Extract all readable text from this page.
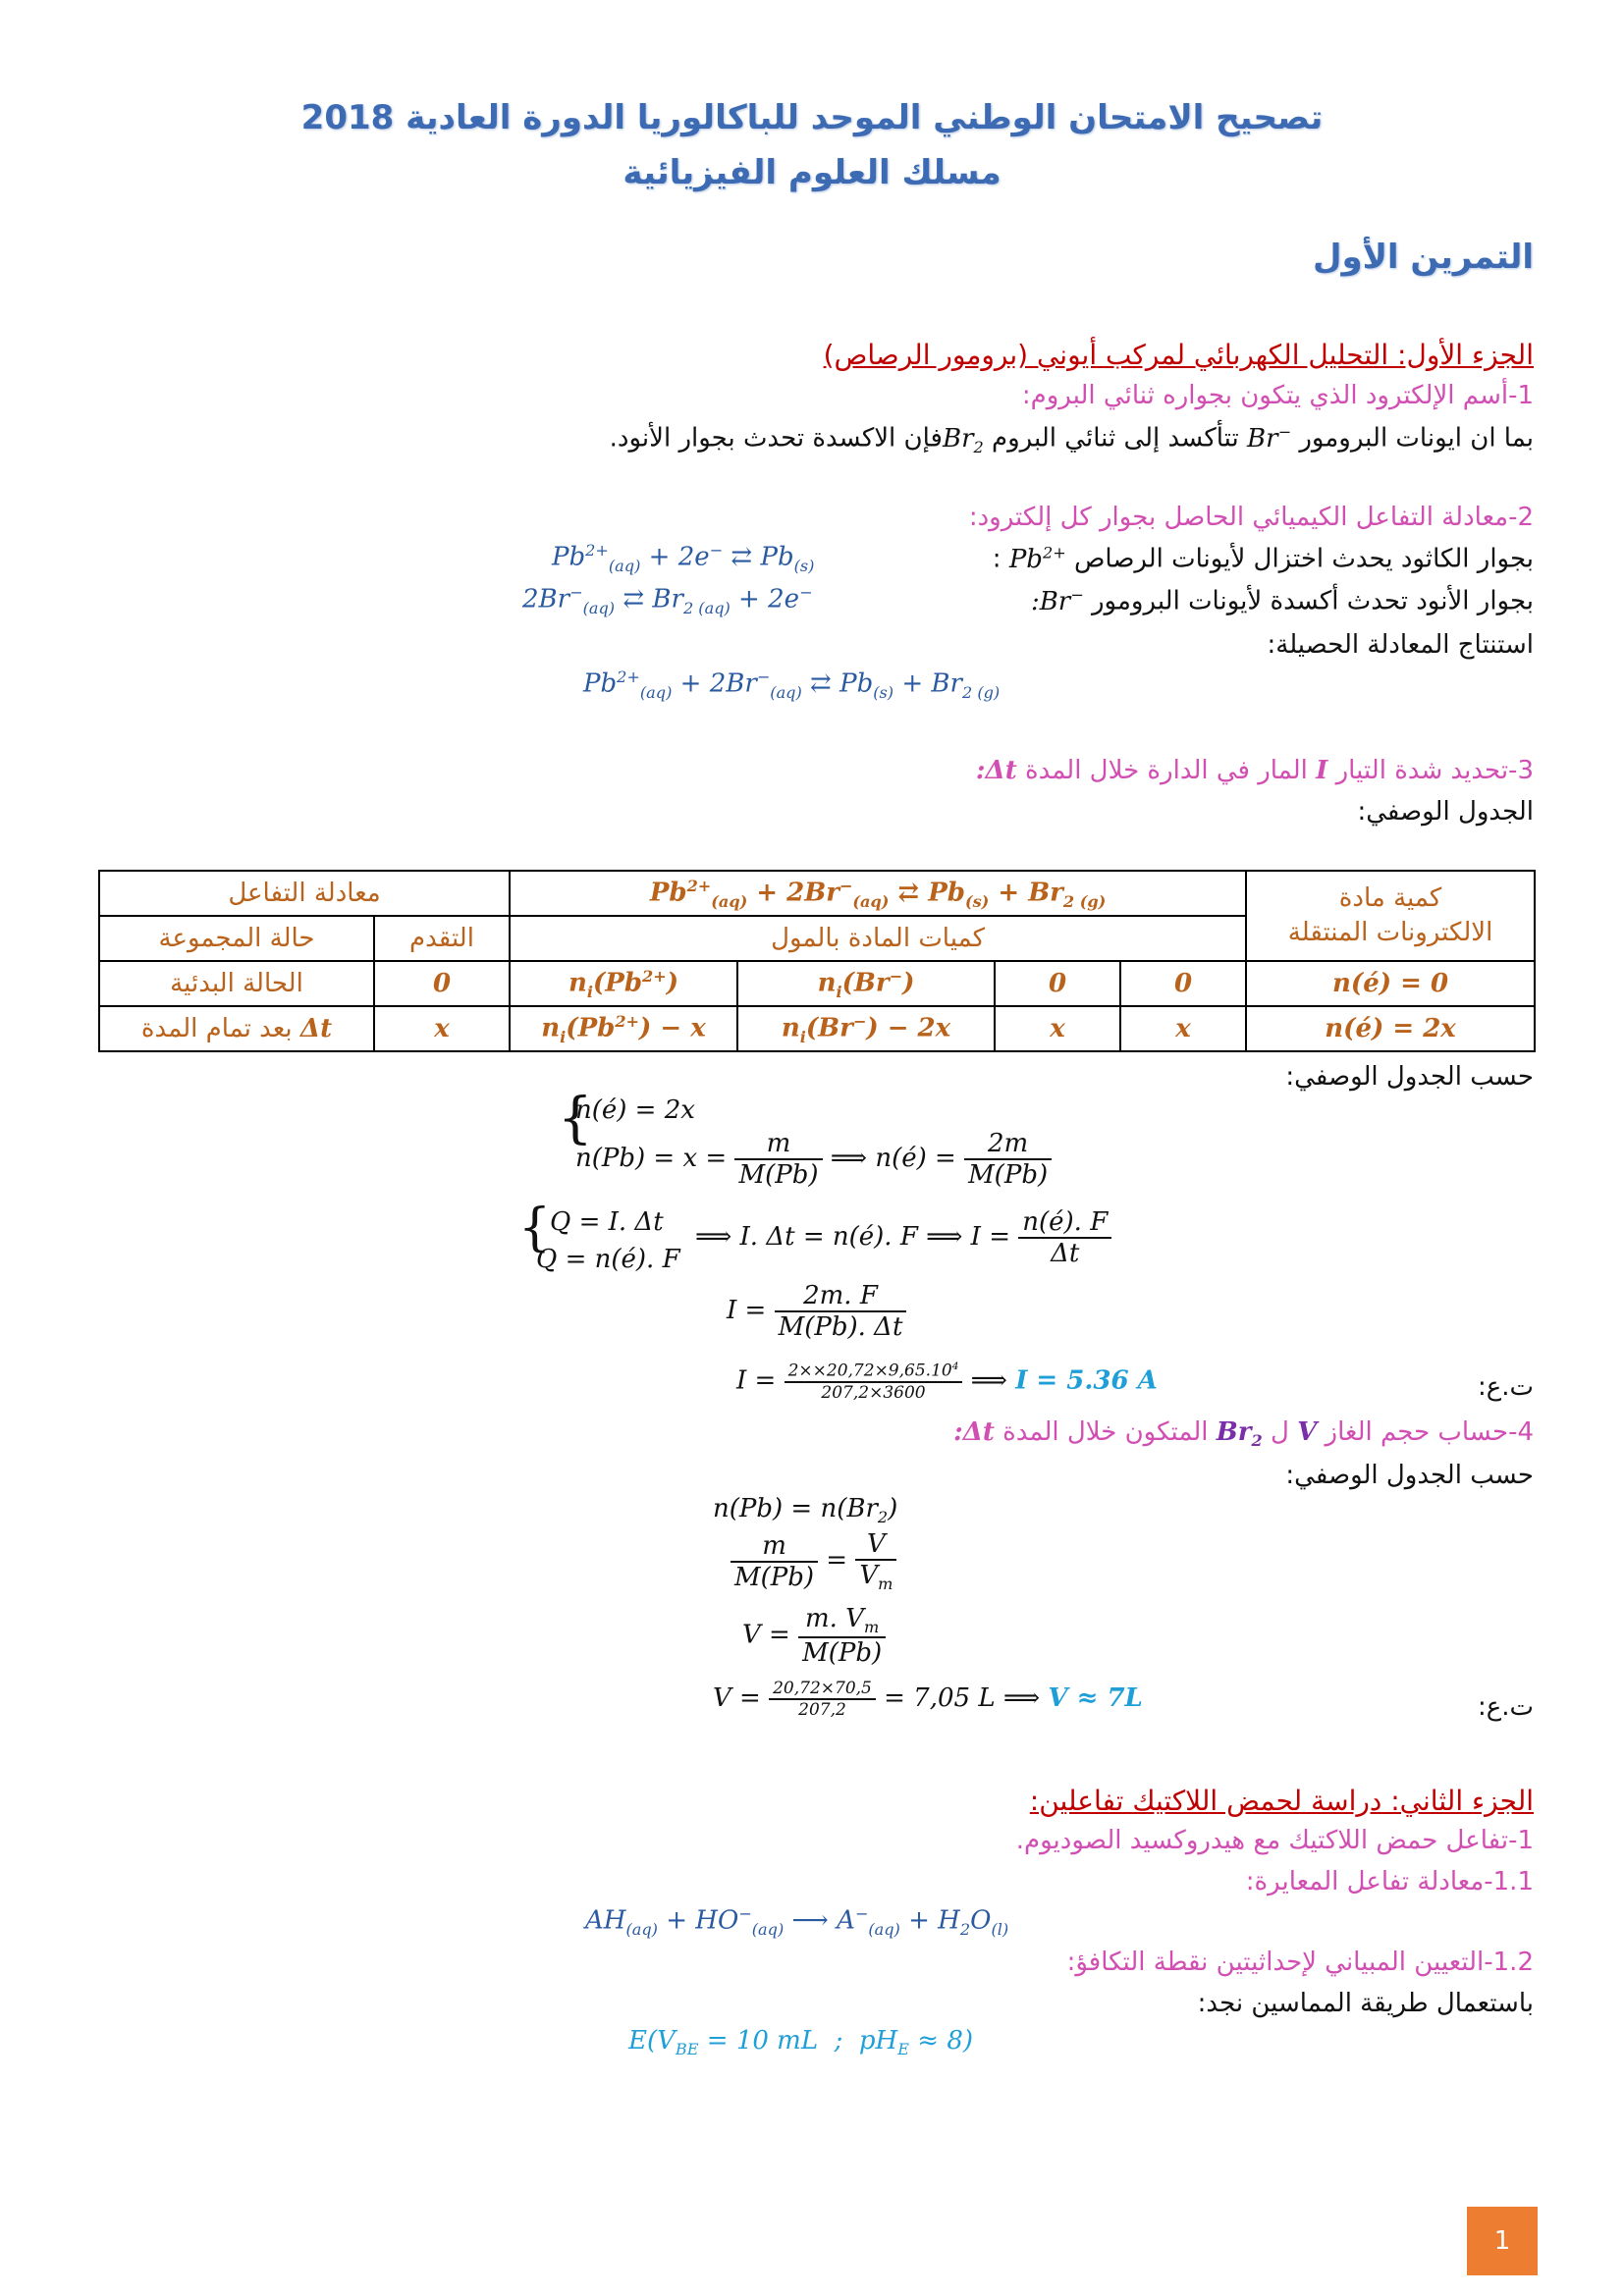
تصحيح الامتحان الوطني الموحد للباكالوريا الدورة العادية 2018
مسلك العلوم الفيزيائية
التمرين الأول
الجزء الأول: التحليل الكهربائي لمركب أيوني (برومور الرصاص)
1-أسم الإلكترود الذي يتكون بجواره ثنائي البروم:
بما ان ايونات البرومور Br− تتأكسد إلى ثنائي البروم $Br_2فإن$ الاكسدة تحدث بجوار الأنود.
2-معادلة التفاعل الكيميائي الحاصل بجوار كل إلكترود:
بجوار الكاثود يحدث اختزال لأيونات الرصاص $Pb^{2+}$ :
$Pb^{2+}_{(aq)} + 2e^-$ ⇄ $Pb_{(s)}$
بجوار الأنود تحدث أكسدة لأيونات البرومور :Br−
$2Br^-_{(aq)}$ ⇄ $Br_{2 (aq)} + 2e^-$
استنتاج المعادلة الحصيلة:
$Pb^{2+}_{(aq)} + 2Br^-_{(aq)}$ ⇄ $Pb_{(s)} + Br_{2 (g)}$
3-تحديد شدة التيار I المار في الدارة خلال المدة :Δt
الجدول الوصفي:
معادلة التفاعل		$Pb^{2+}_{(aq)} + 2Br^-_{(aq)}$ ⇄ $Pb_{(s)} + Br_{2 (g)}$				كمية مادة
الالكترونات المنتقلة
حالة المجموعة	التقدم	كميات المادة بالمول				
الحالة البدئية	0	$n_i(Pb^{2+})$	$n_i(Br^-)$	0	0	n(é) = 0
بعد تمام المدة Δt	x	$n_i(Pb^{2+}) - x$	$n_i(Br^-) - 2x$	x	x	n(é) = 2x
حسب الجدول الوصفي:
{
n(é) = 2x
$n(Pb) = x = \frac{m}{M(Pb)}$ ⟹ n(é) = $\frac{2m}{M(Pb)}$
{
Q = I. Δt
Q = n(é). F
⟹ I. Δt = n(é). F ⟹ $I = \frac{n(é). F}{\Delta t}$
$I = \frac{2m. F}{M(Pb). \Delta t}$
ت.ع:
$I = \frac{2\times\times 20,72\times 9,65.10^4}{207,2\times 3600}$ ⟹ I = 5.36 A
4-حساب حجم الغاز V ل $Br_2$ المتكون خلال المدة :Δt
حسب الجدول الوصفي:
$n(Pb) = n(Br_2)$
$\frac{m}{M(Pb)} = \frac{V}{V_m}$
$V = \frac{m. V_m}{M(Pb)}$
ت.ع:
$V = \frac{20,72\times 70,5}{207,2} = 7,05$ L ⟹ V ≈ 7L
الجزء الثاني: دراسة لحمض اللاكتيك تفاعلين:
1-تفاعل حمض اللاكتيك مع هيدروكسيد الصوديوم.
1.1-معادلة تفاعل المعايرة:
$AH_{(aq)} + HO^-_{(aq)}$ ⟶ $A^-_{(aq)} + H_2O_{(l)}$
1.2-التعيين المبياني لإحداثيتين نقطة التكافؤ:
باستعمال طريقة المماسين نجد:
$E(V_{BE} = 10$ mL  ;  $pH_E \approx 8$)
1
